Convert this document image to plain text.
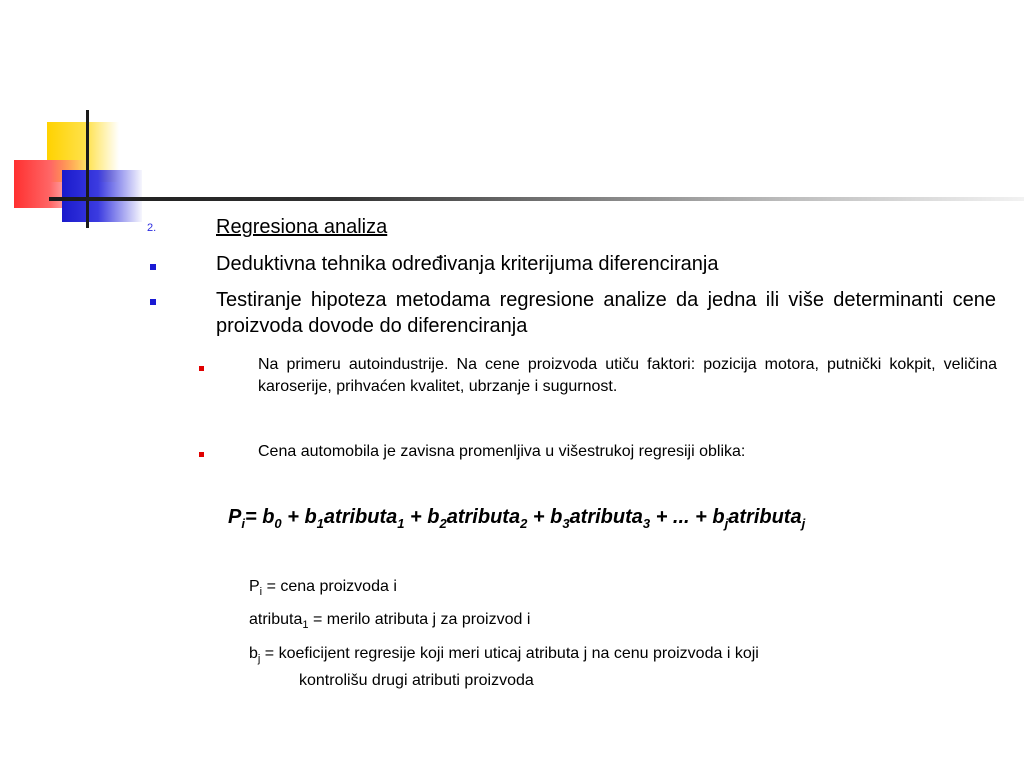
2.	Regresiona analiza
Deduktivna tehnika određivanja kriterijuma diferenciranja
Testiranje hipoteza metodama regresione analize da jedna ili više determinanti cene proizvoda dovode do diferenciranja
Na primeru autoindustrije. Na cene proizvoda utiču faktori: pozicija motora, putnički kokpit, veličina karoserije, prihvaćen kvalitet, ubrzanje i sugurnost.
Cena automobila je zavisna promenljiva u višestrukoj regresiji oblika:
$P_i= b_0$ + $b_1atributa_1$ + $b_2atributa_2$ + $b_3atributa_3$ + ... + $b_jatributa_j$
$P_i$ = cena proizvoda i
atributa$_1$ = merilo atributa j za proizvod i
$b_j$ = koeficijent regresije koji meri uticaj atributa j na cenu proizvoda i koji
kontrolišu drugi atributi proizvoda
